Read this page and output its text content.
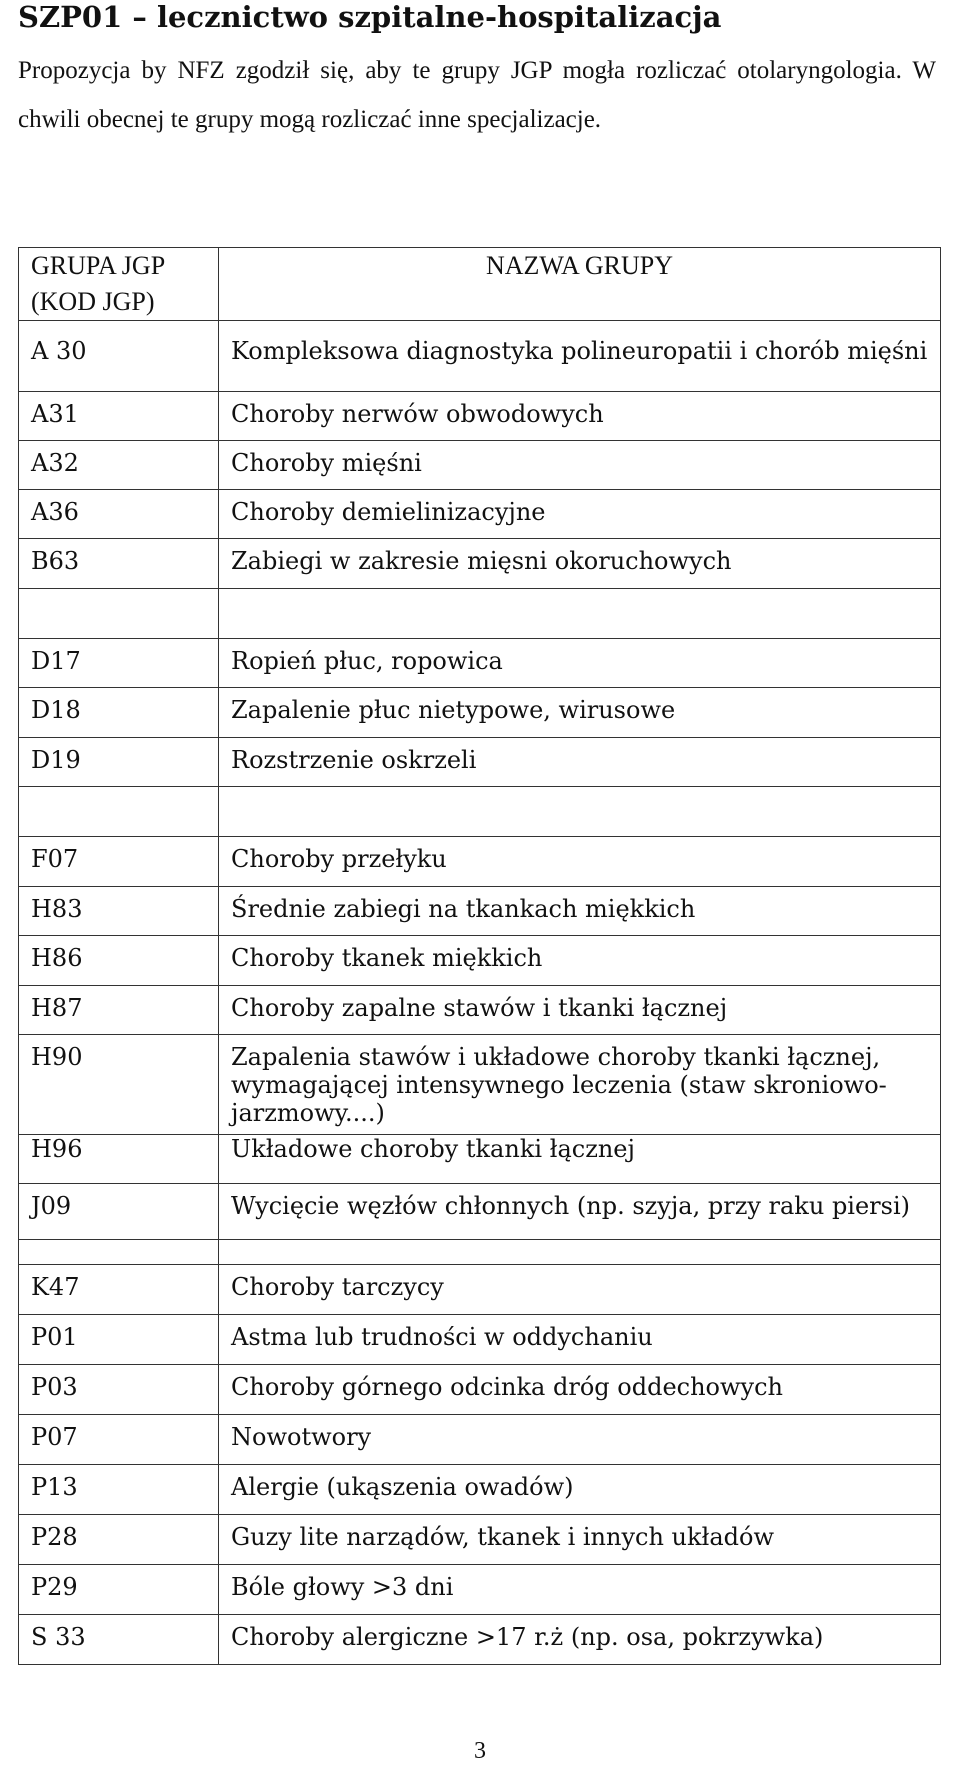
SZP01 – lecznictwo szpitalne-hospitalizacja
Propozycja by NFZ zgodził się, aby te grupy JGP mogła rozliczać otolaryngologia. W chwili obecnej te grupy mogą rozliczać inne specjalizacje.
GRUPA JGP (KOD JGP)	NAZWA GRUPY
A 30	Kompleksowa diagnostyka polineuropatii i chorób mięśni
A31	Choroby nerwów obwodowych
A32	Choroby mięśni
A36	Choroby demielinizacyjne
B63	Zabiegi w zakresie mięsni okoruchowych

D17	Ropień płuc, ropowica
D18	Zapalenie płuc nietypowe, wirusowe
D19	Rozstrzenie oskrzeli

F07	Choroby przełyku
H83	Średnie zabiegi na tkankach miękkich
H86	Choroby tkanek miękkich
H87	Choroby zapalne stawów i tkanki łącznej
H90	Zapalenia stawów i układowe choroby tkanki łącznej, wymagającej intensywnego leczenia (staw skroniowo-jarzmowy....)
H96	Układowe choroby tkanki łącznej
J09	Wycięcie węzłów chłonnych (np. szyja, przy raku piersi)

K47	Choroby tarczycy
P01	Astma lub trudności w oddychaniu
P03	Choroby górnego odcinka dróg oddechowych
P07	Nowotwory
P13	Alergie (ukąszenia owadów)
P28	Guzy lite narządów, tkanek i innych układów
P29	Bóle głowy >3 dni
S 33	Choroby alergiczne >17 r.ż (np. osa, pokrzywka)
3
